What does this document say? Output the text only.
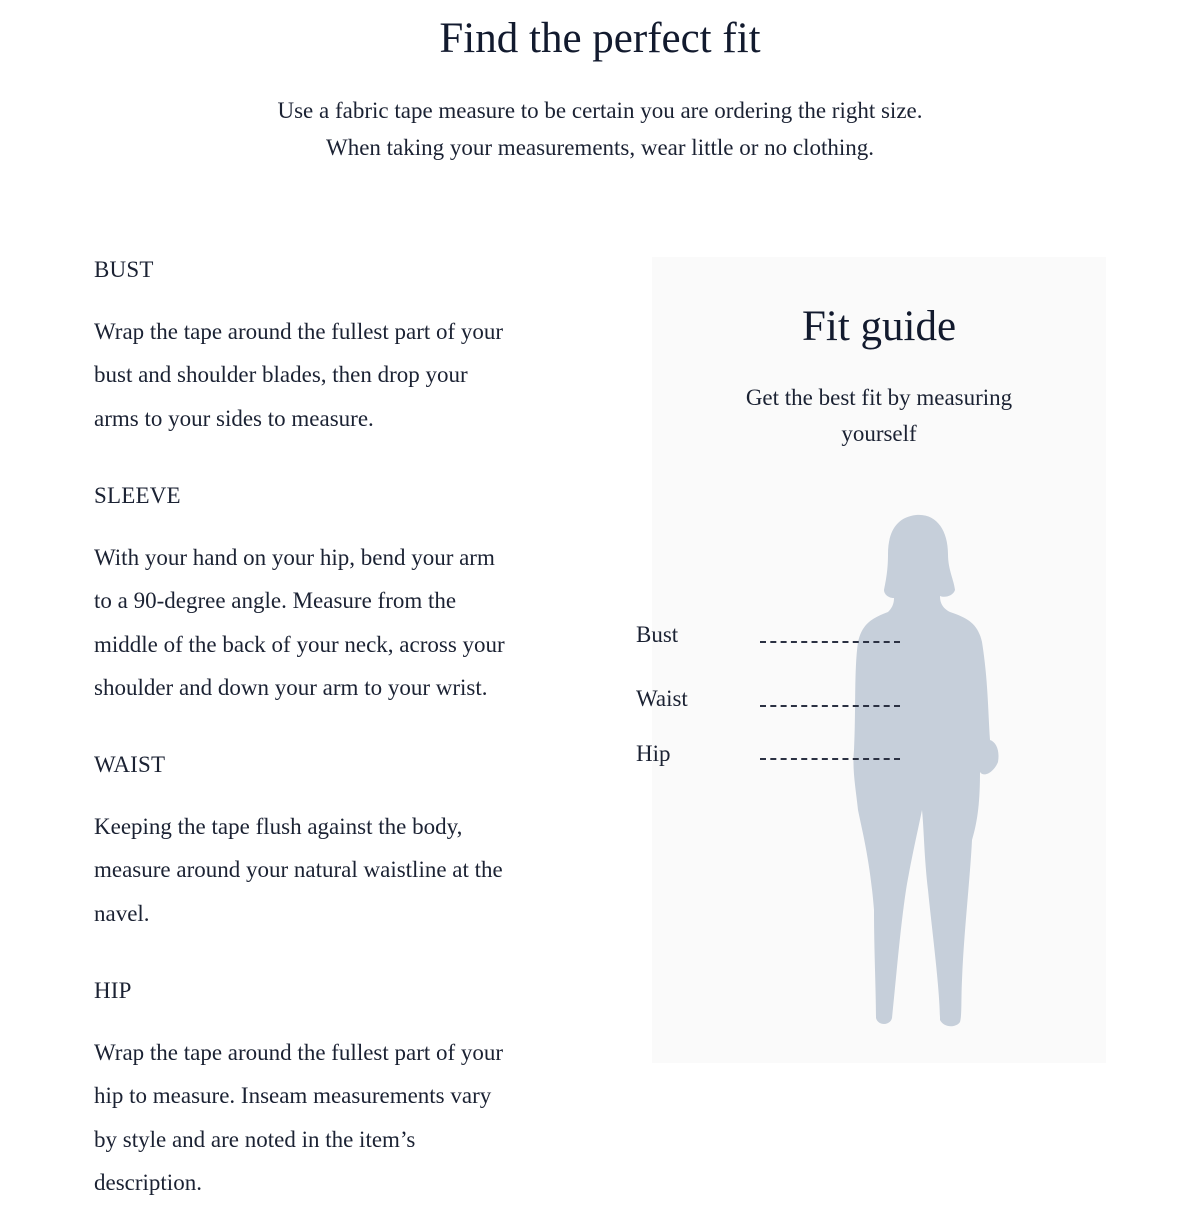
Find the perfect fit
Use a fabric tape measure to be certain you are ordering the right size.
When taking your measurements, wear little or no clothing.
BUST
Wrap the tape around the fullest part of your
bust and shoulder blades, then drop your
arms to your sides to measure.
SLEEVE
With your hand on your hip, bend your arm
to a 90-degree angle. Measure from the
middle of the back of your neck, across your
shoulder and down your arm to your wrist.
WAIST
Keeping the tape flush against the body,
measure around your natural waistline at the
navel.
HIP
Wrap the tape around the fullest part of your
hip to measure. Inseam measurements vary
by style and are noted in the item’s
description.
Fit guide
Get the best fit by measuring
yourself
Bust
Waist
Hip
